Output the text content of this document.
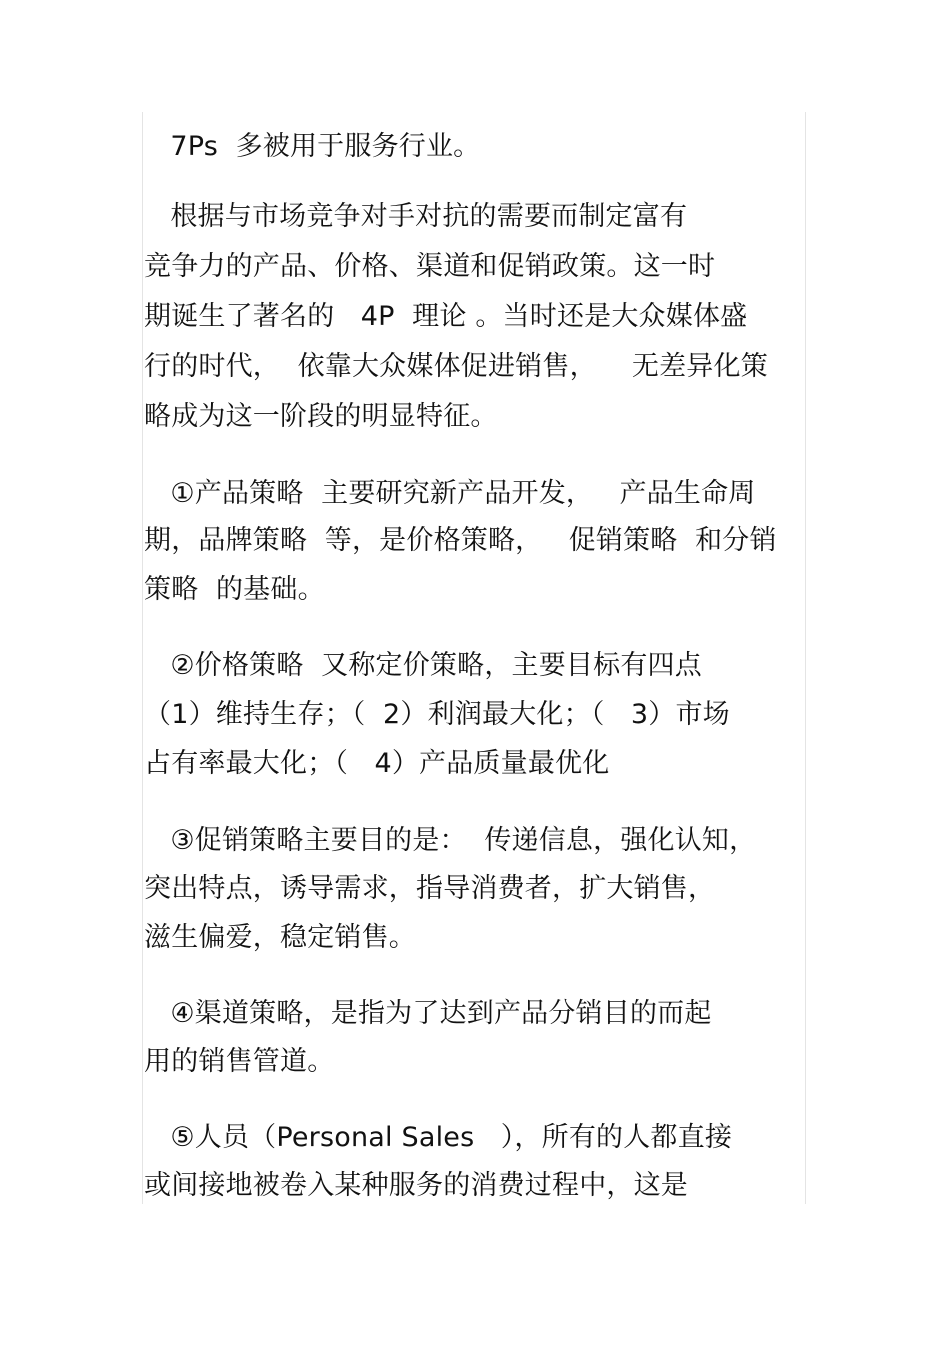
7Ps  多被用于服务行业。
根据与市场竞争对手对抗的需要而制定富有
竞争力的产品、价格、渠道和促销政策。这一时
期诞生了著名的   4P  理论 。当时还是大众媒体盛
行的时代，  依靠大众媒体促进销售，    无差异化策
略成为这一阶段的明显特征。
①产品策略  主要研究新产品开发，   产品生命周
期，品牌策略  等，是价格策略，   促销策略  和分销
策略  的基础。
②价格策略  又称定价策略，主要目标有四点
（1）维持生存；（  2）利润最大化；（   3）市场
占有率最大化；（   4）产品质量最优化
③促销策略主要目的是：  传递信息，强化认知，
突出特点，诱导需求，指导消费者，扩大销售，
滋生偏爱，稳定销售。
④渠道策略，是指为了达到产品分销目的而起
用的销售管道。
⑤人员（Personal Sales   ），所有的人都直接
或间接地被卷入某种服务的消费过程中，这是
